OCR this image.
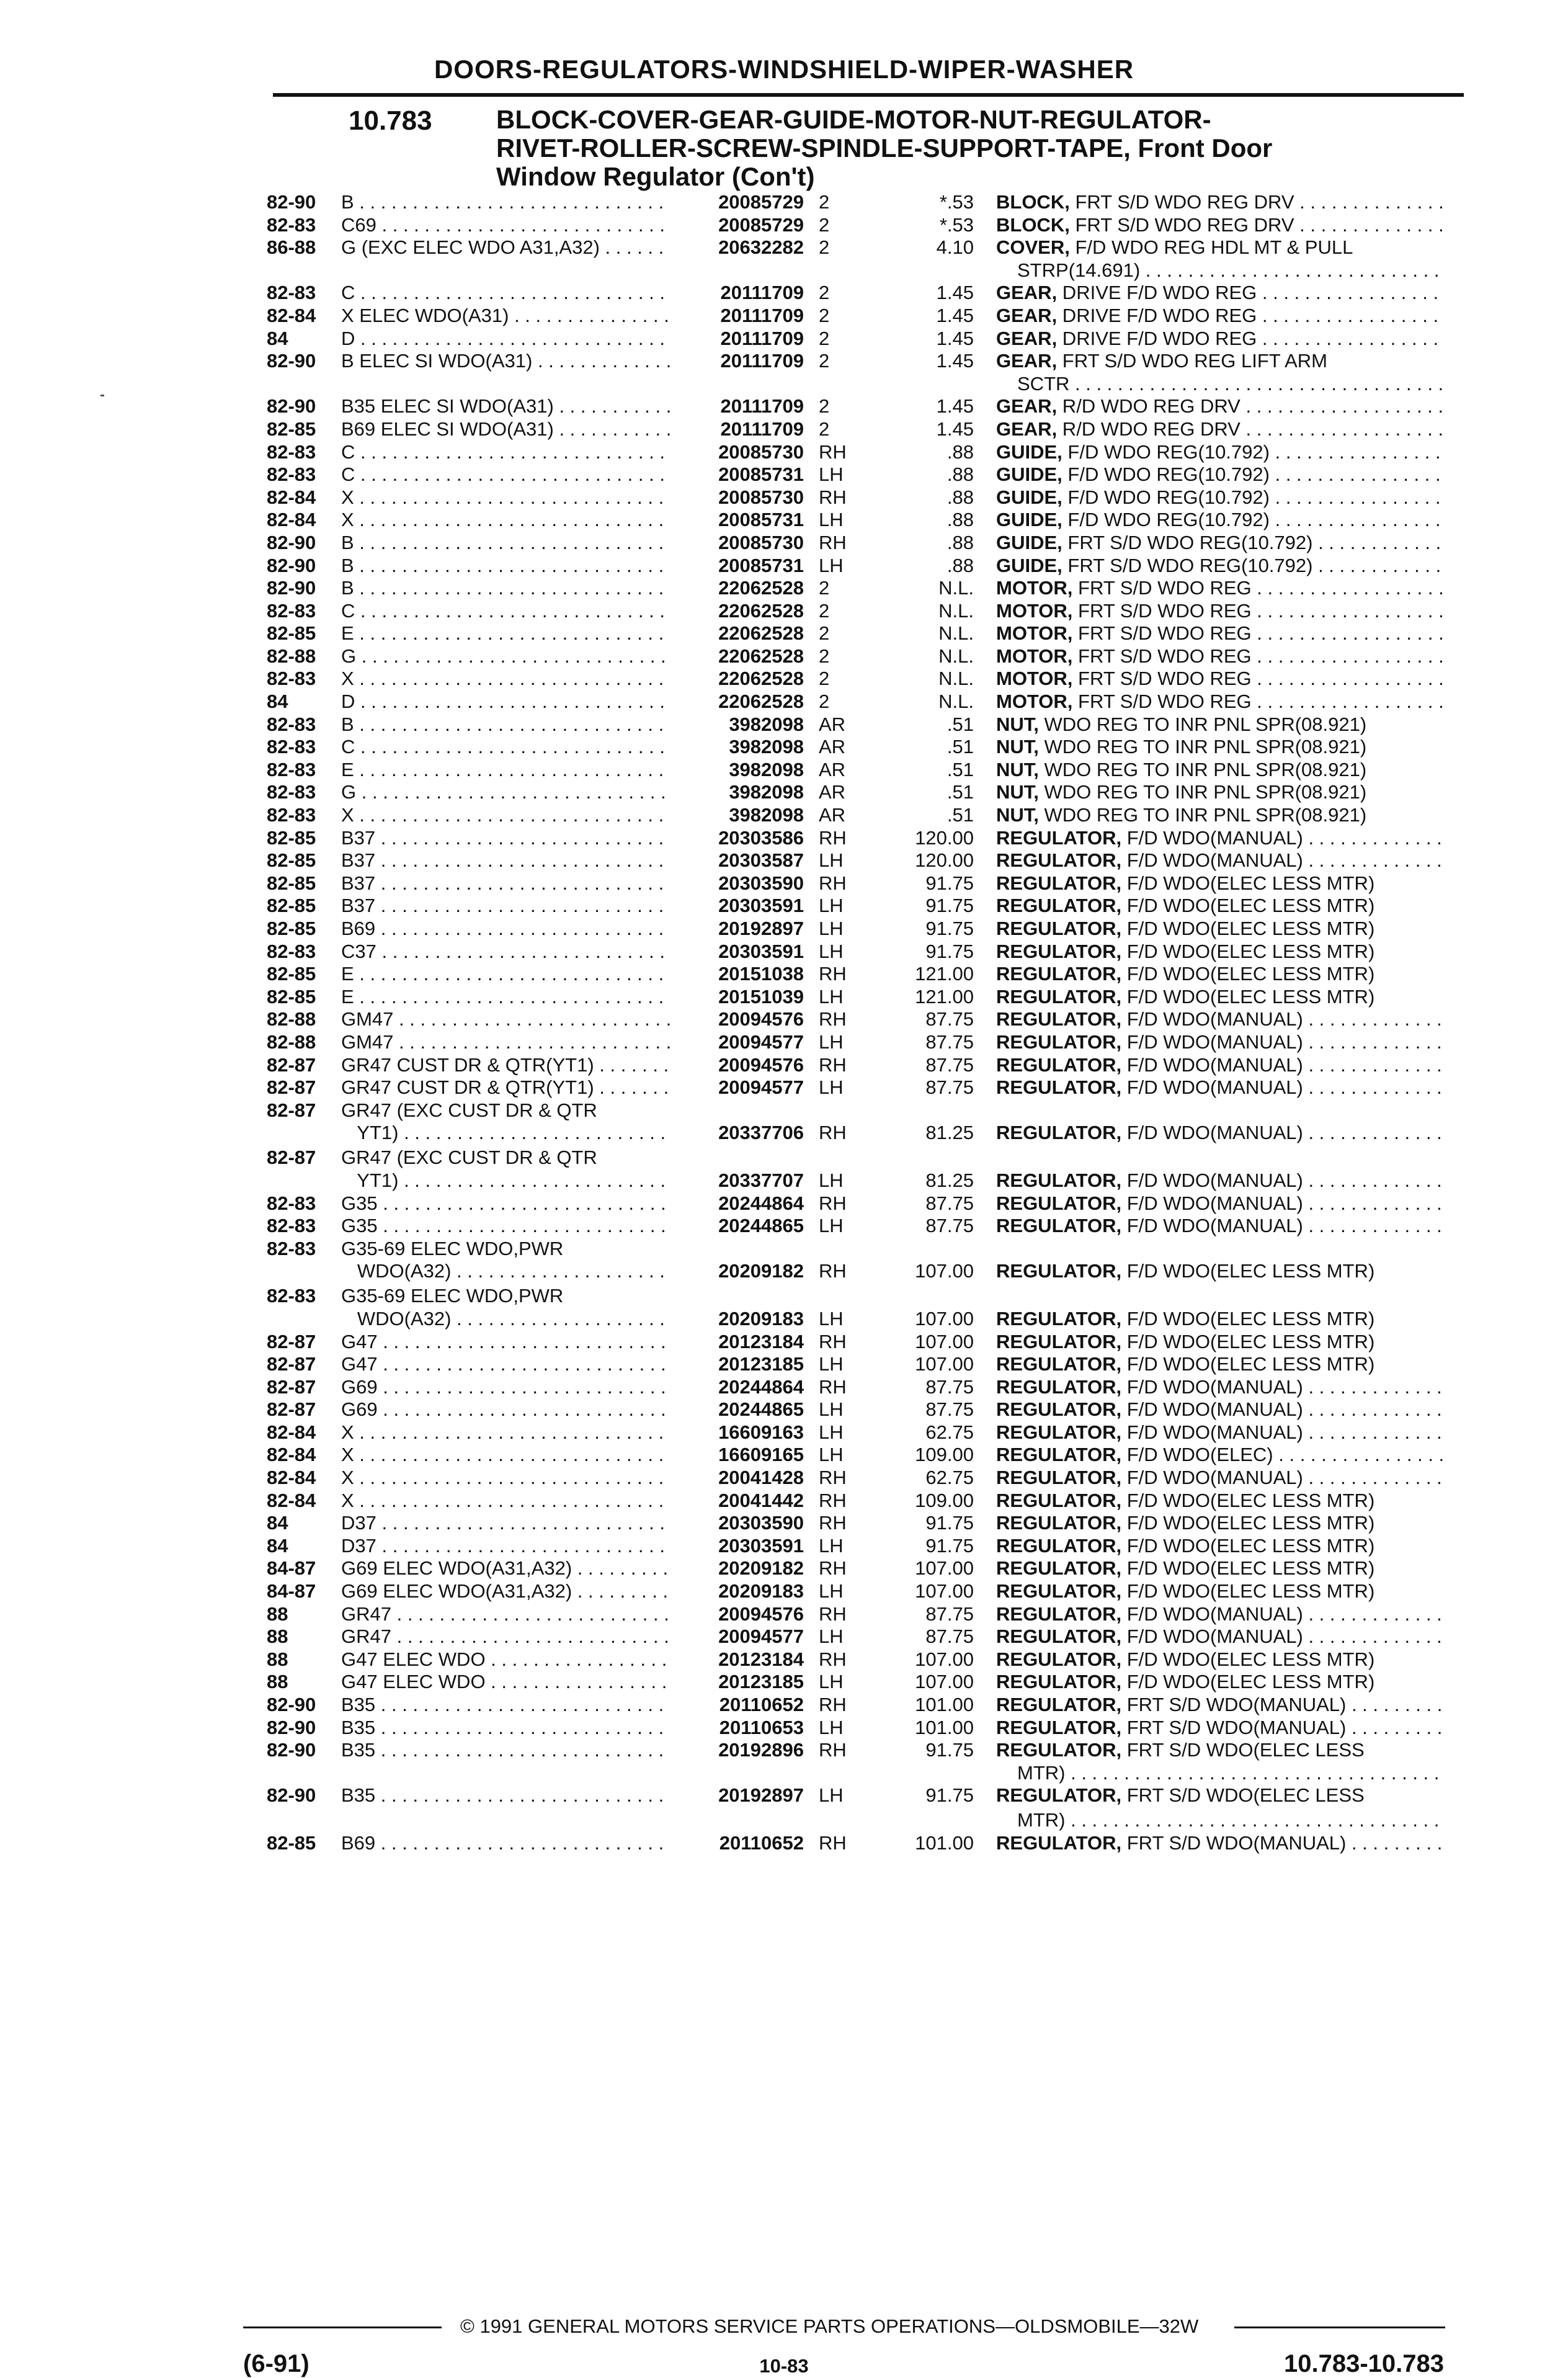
DOORS-REGULATORS-WINDSHIELD-WIPER-WASHER
10.783 BLOCK-COVER-GEAR-GUIDE-MOTOR-NUT-REGULATOR-
RIVET-ROLLER-SCREW-SPINDLE-SUPPORT-TAPE, Front Door
Window Regulator (Con't)
82-90	B . . .	20085729 2	*.53 BLOCK, FRT S/D WDO REG DRV . . .
82-83	C69 . . .	20085729 2	*.53 BLOCK, FRT S/D WDO REG DRV . . .
86-88	G (EXC ELEC WDO A31,A32) . . .	20632282 2	4.10 COVER, F/D WDO REG HDL MT & PULL
STRP(14.691) . . .
82-83	C . . .	20111709 2	1.45 GEAR, DRIVE F/D WDO REG . . .
82-84	X ELEC WDO(A31) . . .	20111709 2	1.45 GEAR, DRIVE F/D WDO REG . . .
84	D . . .	20111709 2	1.45 GEAR, DRIVE F/D WDO REG . . .
82-90	B ELEC SI WDO(A31) . . .	20111709 2	1.45 GEAR, FRT S/D WDO REG LIFT ARM
SCTR . . .
82-90	B35 ELEC SI WDO(A31) . . .	20111709 2	1.45 GEAR, R/D WDO REG DRV . . .
82-85	B69 ELEC SI WDO(A31) . . .	20111709 2	1.45 GEAR, R/D WDO REG DRV . . .
82-83	C . . .	20085730 RH	.88 GUIDE, F/D WDO REG(10.792) . . .
82-83	C . . .	20085731 LH	.88 GUIDE, F/D WDO REG(10.792) . . .
82-84	X . . .	20085730 RH	.88 GUIDE, F/D WDO REG(10.792) . . .
82-84	X . . .	20085731 LH	.88 GUIDE, F/D WDO REG(10.792) . . .
82-90	B . . .	20085730 RH	.88 GUIDE, FRT S/D WDO REG(10.792) . . .
82-90	B . . .	20085731 LH	.88 GUIDE, FRT S/D WDO REG(10.792) . . .
82-90	B . . .	22062528 2	N.L. MOTOR, FRT S/D WDO REG . . .
82-83	C . . .	22062528 2	N.L. MOTOR, FRT S/D WDO REG . . .
82-85	E . . .	22062528 2	N.L. MOTOR, FRT S/D WDO REG . . .
82-88	G . . .	22062528 2	N.L. MOTOR, FRT S/D WDO REG . . .
82-83	X . . .	22062528 2	N.L. MOTOR, FRT S/D WDO REG . . .
84	D . . .	22062528 2	N.L. MOTOR, FRT S/D WDO REG . . .
82-83	B . . .	3982098 AR	.51 NUT, WDO REG TO INR PNL SPR(08.921)
82-83	C . . .	3982098 AR	.51 NUT, WDO REG TO INR PNL SPR(08.921)
82-83	E . . .	3982098 AR	.51 NUT, WDO REG TO INR PNL SPR(08.921)
82-83	G . . .	3982098 AR	.51 NUT, WDO REG TO INR PNL SPR(08.921)
82-83	X . . .	3982098 AR	.51 NUT, WDO REG TO INR PNL SPR(08.921)
82-85	B37 . . .	20303586 RH	120.00 REGULATOR, F/D WDO(MANUAL) . . .
82-85	B37 . . .	20303587 LH	120.00 REGULATOR, F/D WDO(MANUAL) . . .
82-85	B37 . . .	20303590 RH	91.75 REGULATOR, F/D WDO(ELEC LESS MTR)
82-85	B37 . . .	20303591 LH	91.75 REGULATOR, F/D WDO(ELEC LESS MTR)
82-85	B69 . . .	20192897 LH	91.75 REGULATOR, F/D WDO(ELEC LESS MTR)
82-83	C37 . . .	20303591 LH	91.75 REGULATOR, F/D WDO(ELEC LESS MTR)
82-85	E . . .	20151038 RH	121.00 REGULATOR, F/D WDO(ELEC LESS MTR)
82-85	E . . .	20151039 LH	121.00 REGULATOR, F/D WDO(ELEC LESS MTR)
82-88	GM47 . . .	20094576 RH	87.75 REGULATOR, F/D WDO(MANUAL) . . .
82-88	GM47 . . .	20094577 LH	87.75 REGULATOR, F/D WDO(MANUAL) . . .
82-87	GR47 CUST DR & QTR(YT1) . . .	20094576 RH	87.75 REGULATOR, F/D WDO(MANUAL) . . .
82-87	GR47 CUST DR & QTR(YT1) . . .	20094577 LH	87.75 REGULATOR, F/D WDO(MANUAL) . . .
82-87	GR47 (EXC CUST DR & QTR
YT1) . . .	20337706 RH	81.25 REGULATOR, F/D WDO(MANUAL) . . .
82-87	GR47 (EXC CUST DR & QTR
YT1) . . .	20337707 LH	81.25 REGULATOR, F/D WDO(MANUAL) . . .
82-83	G35 . . .	20244864 RH	87.75 REGULATOR, F/D WDO(MANUAL) . . .
82-83	G35 . . .	20244865 LH	87.75 REGULATOR, F/D WDO(MANUAL) . . .
82-83	G35-69 ELEC WDO,PWR
WDO(A32) . . .	20209182 RH	107.00 REGULATOR, F/D WDO(ELEC LESS MTR)
82-83	G35-69 ELEC WDO,PWR
WDO(A32) . . .	20209183 LH	107.00 REGULATOR, F/D WDO(ELEC LESS MTR)
82-87	G47 . . .	20123184 RH	107.00 REGULATOR, F/D WDO(ELEC LESS MTR)
82-87	G47 . . .	20123185 LH	107.00 REGULATOR, F/D WDO(ELEC LESS MTR)
82-87	G69 . . .	20244864 RH	87.75 REGULATOR, F/D WDO(MANUAL) . . .
82-87	G69 . . .	20244865 LH	87.75 REGULATOR, F/D WDO(MANUAL) . . .
82-84	X . . .	16609163 LH	62.75 REGULATOR, F/D WDO(MANUAL) . . .
82-84	X . . .	16609165 LH	109.00 REGULATOR, F/D WDO(ELEC) . . .
82-84	X . . .	20041428 RH	62.75 REGULATOR, F/D WDO(MANUAL) . . .
82-84	X . . .	20041442 RH	109.00 REGULATOR, F/D WDO(ELEC LESS MTR)
84	D37 . . .	20303590 RH	91.75 REGULATOR, F/D WDO(ELEC LESS MTR)
84	D37 . . .	20303591 LH	91.75 REGULATOR, F/D WDO(ELEC LESS MTR)
84-87	G69 ELEC WDO(A31,A32) . . .	20209182 RH	107.00 REGULATOR, F/D WDO(ELEC LESS MTR)
84-87	G69 ELEC WDO(A31,A32) . . .	20209183 LH	107.00 REGULATOR, F/D WDO(ELEC LESS MTR)
88	GR47 . . .	20094576 RH	87.75 REGULATOR, F/D WDO(MANUAL) . . .
88	GR47 . . .	20094577 LH	87.75 REGULATOR, F/D WDO(MANUAL) . . .
88	G47 ELEC WDO . . .	20123184 RH	107.00 REGULATOR, F/D WDO(ELEC LESS MTR)
88	G47 ELEC WDO . . .	20123185 LH	107.00 REGULATOR, F/D WDO(ELEC LESS MTR)
82-90	B35 . . .	20110652 RH	101.00 REGULATOR, FRT S/D WDO(MANUAL) . . .
82-90	B35 . . .	20110653 LH	101.00 REGULATOR, FRT S/D WDO(MANUAL) . . .
82-90	B35 . . .	20192896 RH	91.75 REGULATOR, FRT S/D WDO(ELEC LESS
MTR) . . .
82-90	B35 . . .	20192897 LH	91.75 REGULATOR, FRT S/D WDO(ELEC LESS
MTR) . . .
82-85	B69 . . .	20110652 RH	101.00 REGULATOR, FRT S/D WDO(MANUAL) . . .
© 1991 GENERAL MOTORS SERVICE PARTS OPERATIONS—OLDSMOBILE—32W
(6-91)	10-83	10.783-10.783
